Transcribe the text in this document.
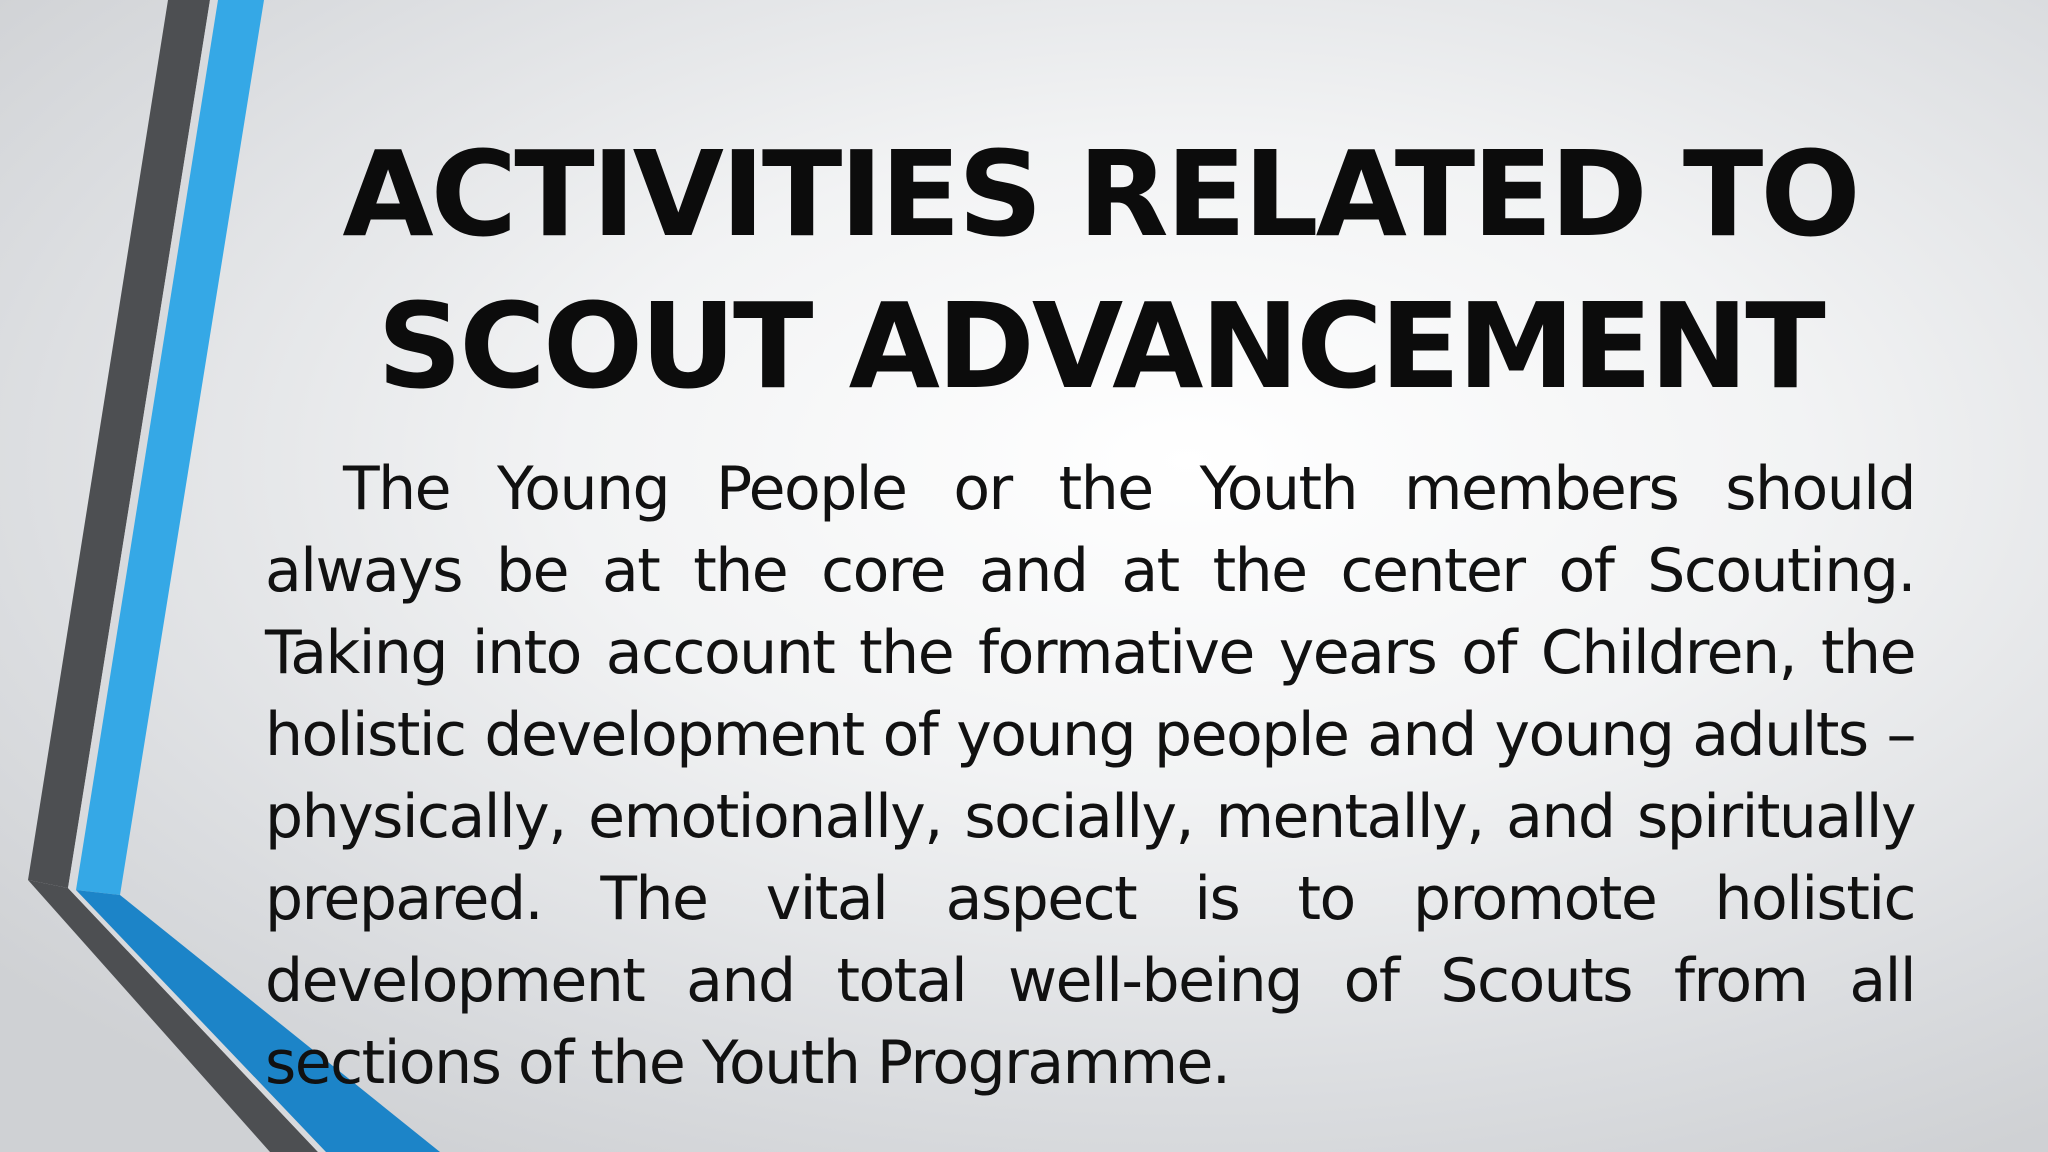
ACTIVITIES RELATED TO
SCOUT ADVANCEMENT

The Young People or the Youth members should always be at the core and at the center of Scouting. Taking into account the formative years of Children, the holistic development of young people and young adults – physically, emotionally, socially, mentally, and spiritually prepared. The vital aspect is to promote holistic development and total well-being of Scouts from all sections of the Youth Programme.
